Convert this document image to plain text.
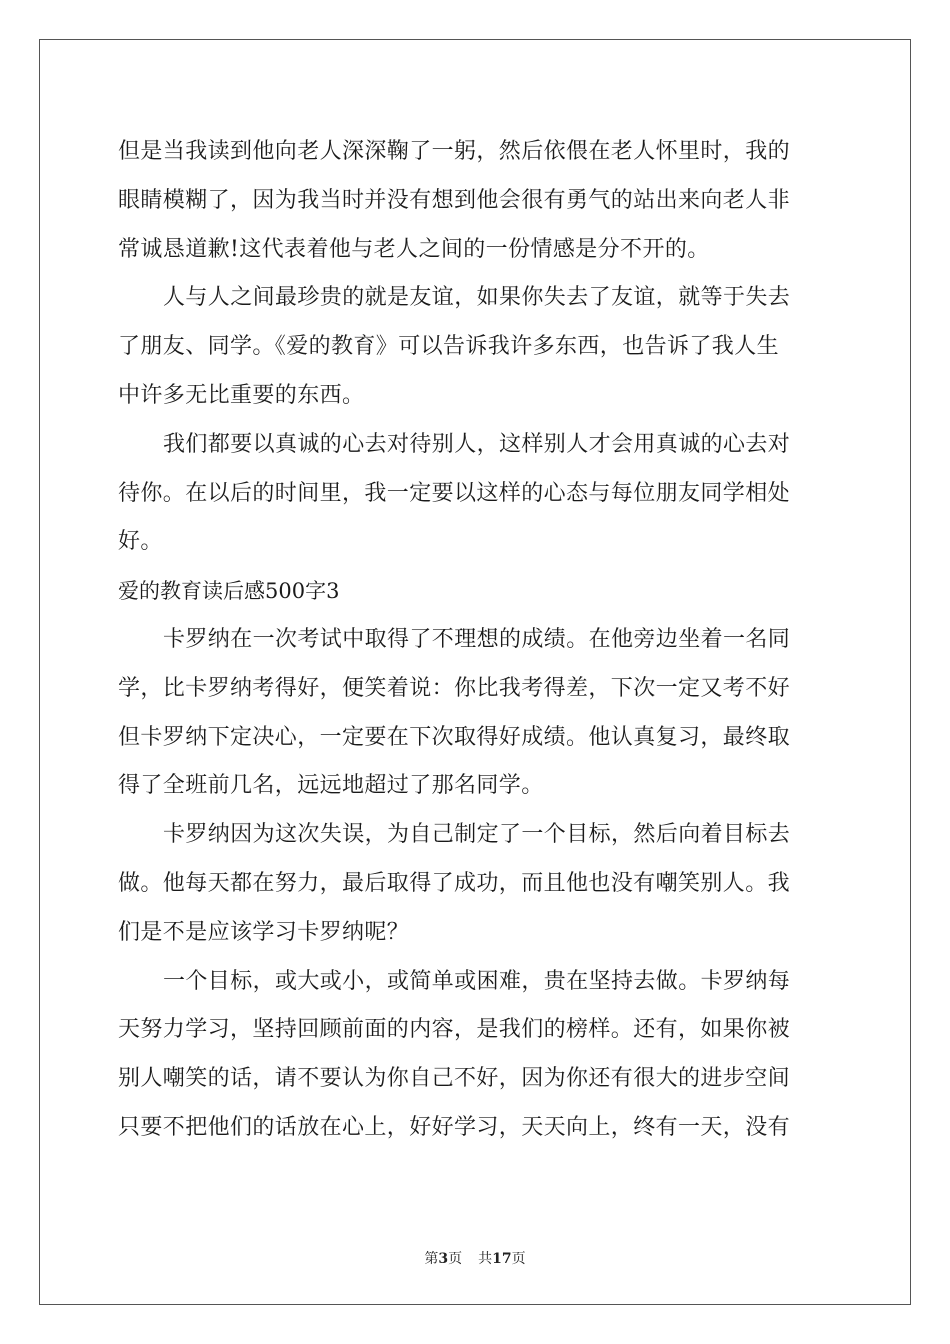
但是当我读到他向老人深深鞠了一躬，然后依偎在老人怀里时，我的
眼睛模糊了，因为我当时并没有想到他会很有勇气的站出来向老人非
常诚恳道歉!这代表着他与老人之间的一份情感是分不开的。
人与人之间最珍贵的就是友谊，如果你失去了友谊，就等于失去
了朋友、同学。《爱的教育》可以告诉我许多东西，也告诉了我人生
中许多无比重要的东西。
我们都要以真诚的心去对待别人，这样别人才会用真诚的心去对
待你。在以后的时间里，我一定要以这样的心态与每位朋友同学相处
好。
爱的教育读后感500字3
卡罗纳在一次考试中取得了不理想的成绩。在他旁边坐着一名同
学，比卡罗纳考得好，便笑着说：你比我考得差，下次一定又考不好
但卡罗纳下定决心，一定要在下次取得好成绩。他认真复习，最终取
得了全班前几名，远远地超过了那名同学。
卡罗纳因为这次失误，为自己制定了一个目标，然后向着目标去
做。他每天都在努力，最后取得了成功，而且他也没有嘲笑别人。我
们是不是应该学习卡罗纳呢？
一个目标，或大或小，或简单或困难，贵在坚持去做。卡罗纳每
天努力学习，坚持回顾前面的内容，是我们的榜样。还有，如果你被
别人嘲笑的话，请不要认为你自己不好，因为你还有很大的进步空间
只要不把他们的话放在心上，好好学习，天天向上，终有一天，没有
第3页 共17页
